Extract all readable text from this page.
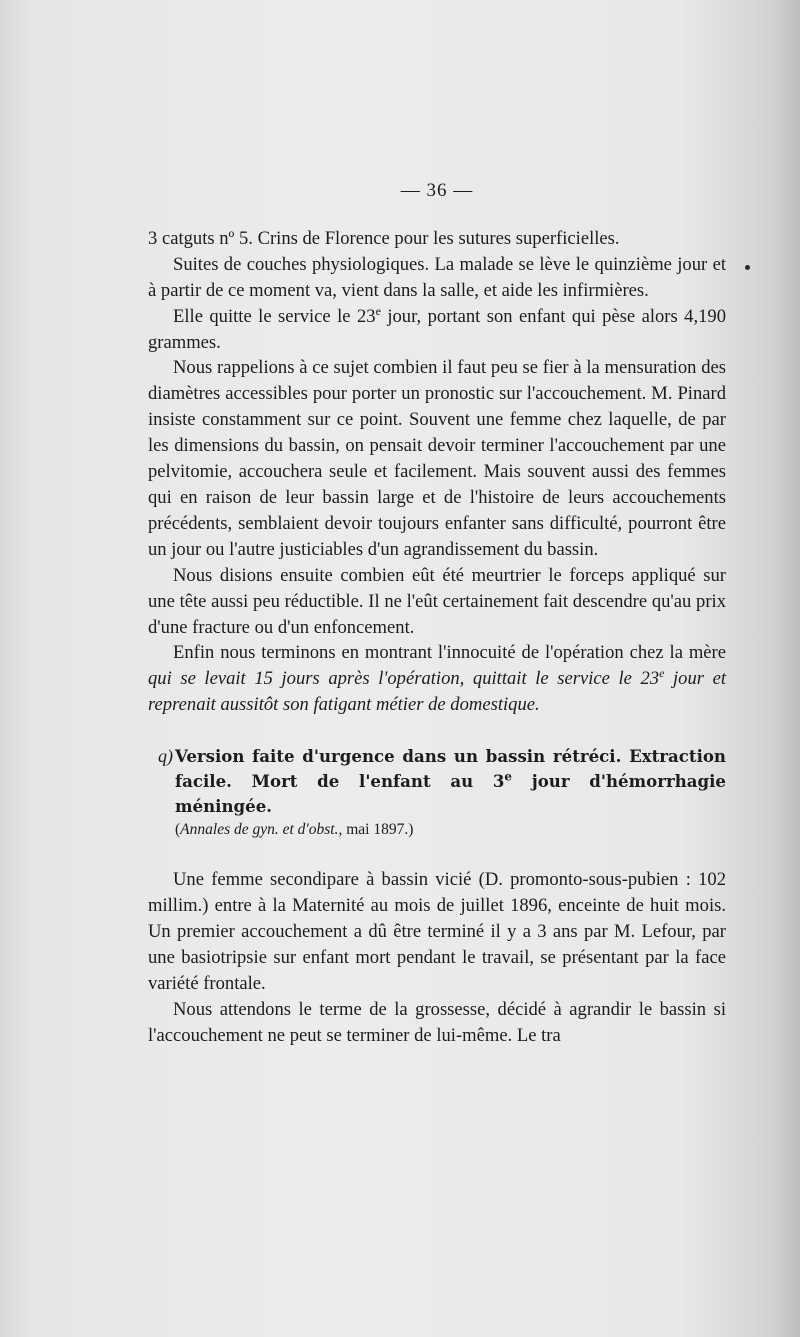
— 36 —

3 catguts nº 5. Crins de Florence pour les sutures superficielles.

Suites de couches physiologiques. La malade se lève le quinzième jour et à partir de ce moment va, vient dans la salle, et aide les infirmières.

Elle quitte le service le 23e jour, portant son enfant qui pèse alors 4,190 grammes.

Nous rappelions à ce sujet combien il faut peu se fier à la mensuration des diamètres accessibles pour porter un pronostic sur l'accouchement. M. Pinard insiste constamment sur ce point. Souvent une femme chez laquelle, de par les dimensions du bassin, on pensait devoir terminer l'accouchement par une pelvitomie, accouchera seule et facilement. Mais souvent aussi des femmes qui en raison de leur bassin large et de l'histoire de leurs accouchements précédents, semblaient devoir toujours enfanter sans difficulté, pourront être un jour ou l'autre justiciables d'un agrandissement du bassin.

Nous disions ensuite combien eût été meurtrier le forceps appliqué sur une tête aussi peu réductible. Il ne l'eût certainement fait descendre qu'au prix d'une fracture ou d'un enfoncement.

Enfin nous terminons en montrant l'innocuité de l'opération chez la mère qui se levait 15 jours après l'opération, quittait le service le 23e jour et reprenait aussitôt son fatigant métier de domestique.

q) Version faite d'urgence dans un bassin rétréci. Extraction facile. Mort de l'enfant au 3e jour d'hémorrhagie méningée.
(Annales de gyn. et d'obst., mai 1897.)

Une femme secondipare à bassin vicié (D. promonto-sous-pubien : 102 millim.) entre à la Maternité au mois de juillet 1896, enceinte de huit mois. Un premier accouchement a dû être terminé il y a 3 ans par M. Lefour, par une basiotripsie sur enfant mort pendant le travail, se présentant par la face variété frontale.

Nous attendons le terme de la grossesse, décidé à agrandir le bassin si l'accouchement ne peut se terminer de lui-même. Le tra
